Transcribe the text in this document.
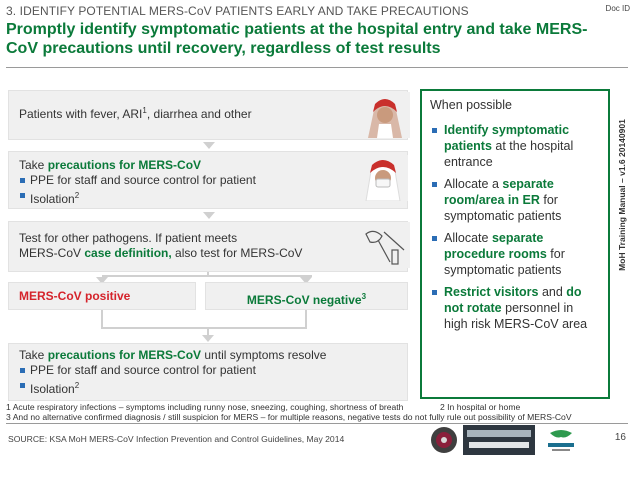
3. IDENTIFY POTENTIAL MERS-CoV PATIENTS EARLY AND TAKE PRECAUTIONS	Doc ID
Promptly identify symptomatic patients at the hospital entry and take MERS-CoV precautions until recovery, regardless of test results
Patients with fever, ARI$^1$, diarrhea and other
Take precautions for MERS-CoV
PPE for staff and source control for patient
Isolation$^2$
Test for other pathogens. If patient meets
MERS-CoV case definition, also test for MERS-CoV
MERS-CoV positive	MERS-CoV negative$^3$
Take precautions for MERS-CoV until symptoms resolve
PPE for staff and source control for patient
Isolation$^2$
When possible
Identify symptomatic patients at the hospital entrance
Allocate a separate room/area in ER for symptomatic patients
Allocate separate procedure rooms for symptomatic patients
Restrict visitors and do not rotate personnel in high risk MERS-CoV area
MoH Training Manual – v1.6 20140901
1 Acute respiratory infections – symptoms including runny nose, sneezing, coughing, shortness of breath	2 In hospital or home
3 And no alternative confirmed diagnosis / still suspicion for MERS – for multiple reasons, negative tests do not fully rule out possibility of MERS-CoV
SOURCE: KSA MoH MERS-CoV Infection Prevention and Control Guidelines, May 2014	16
